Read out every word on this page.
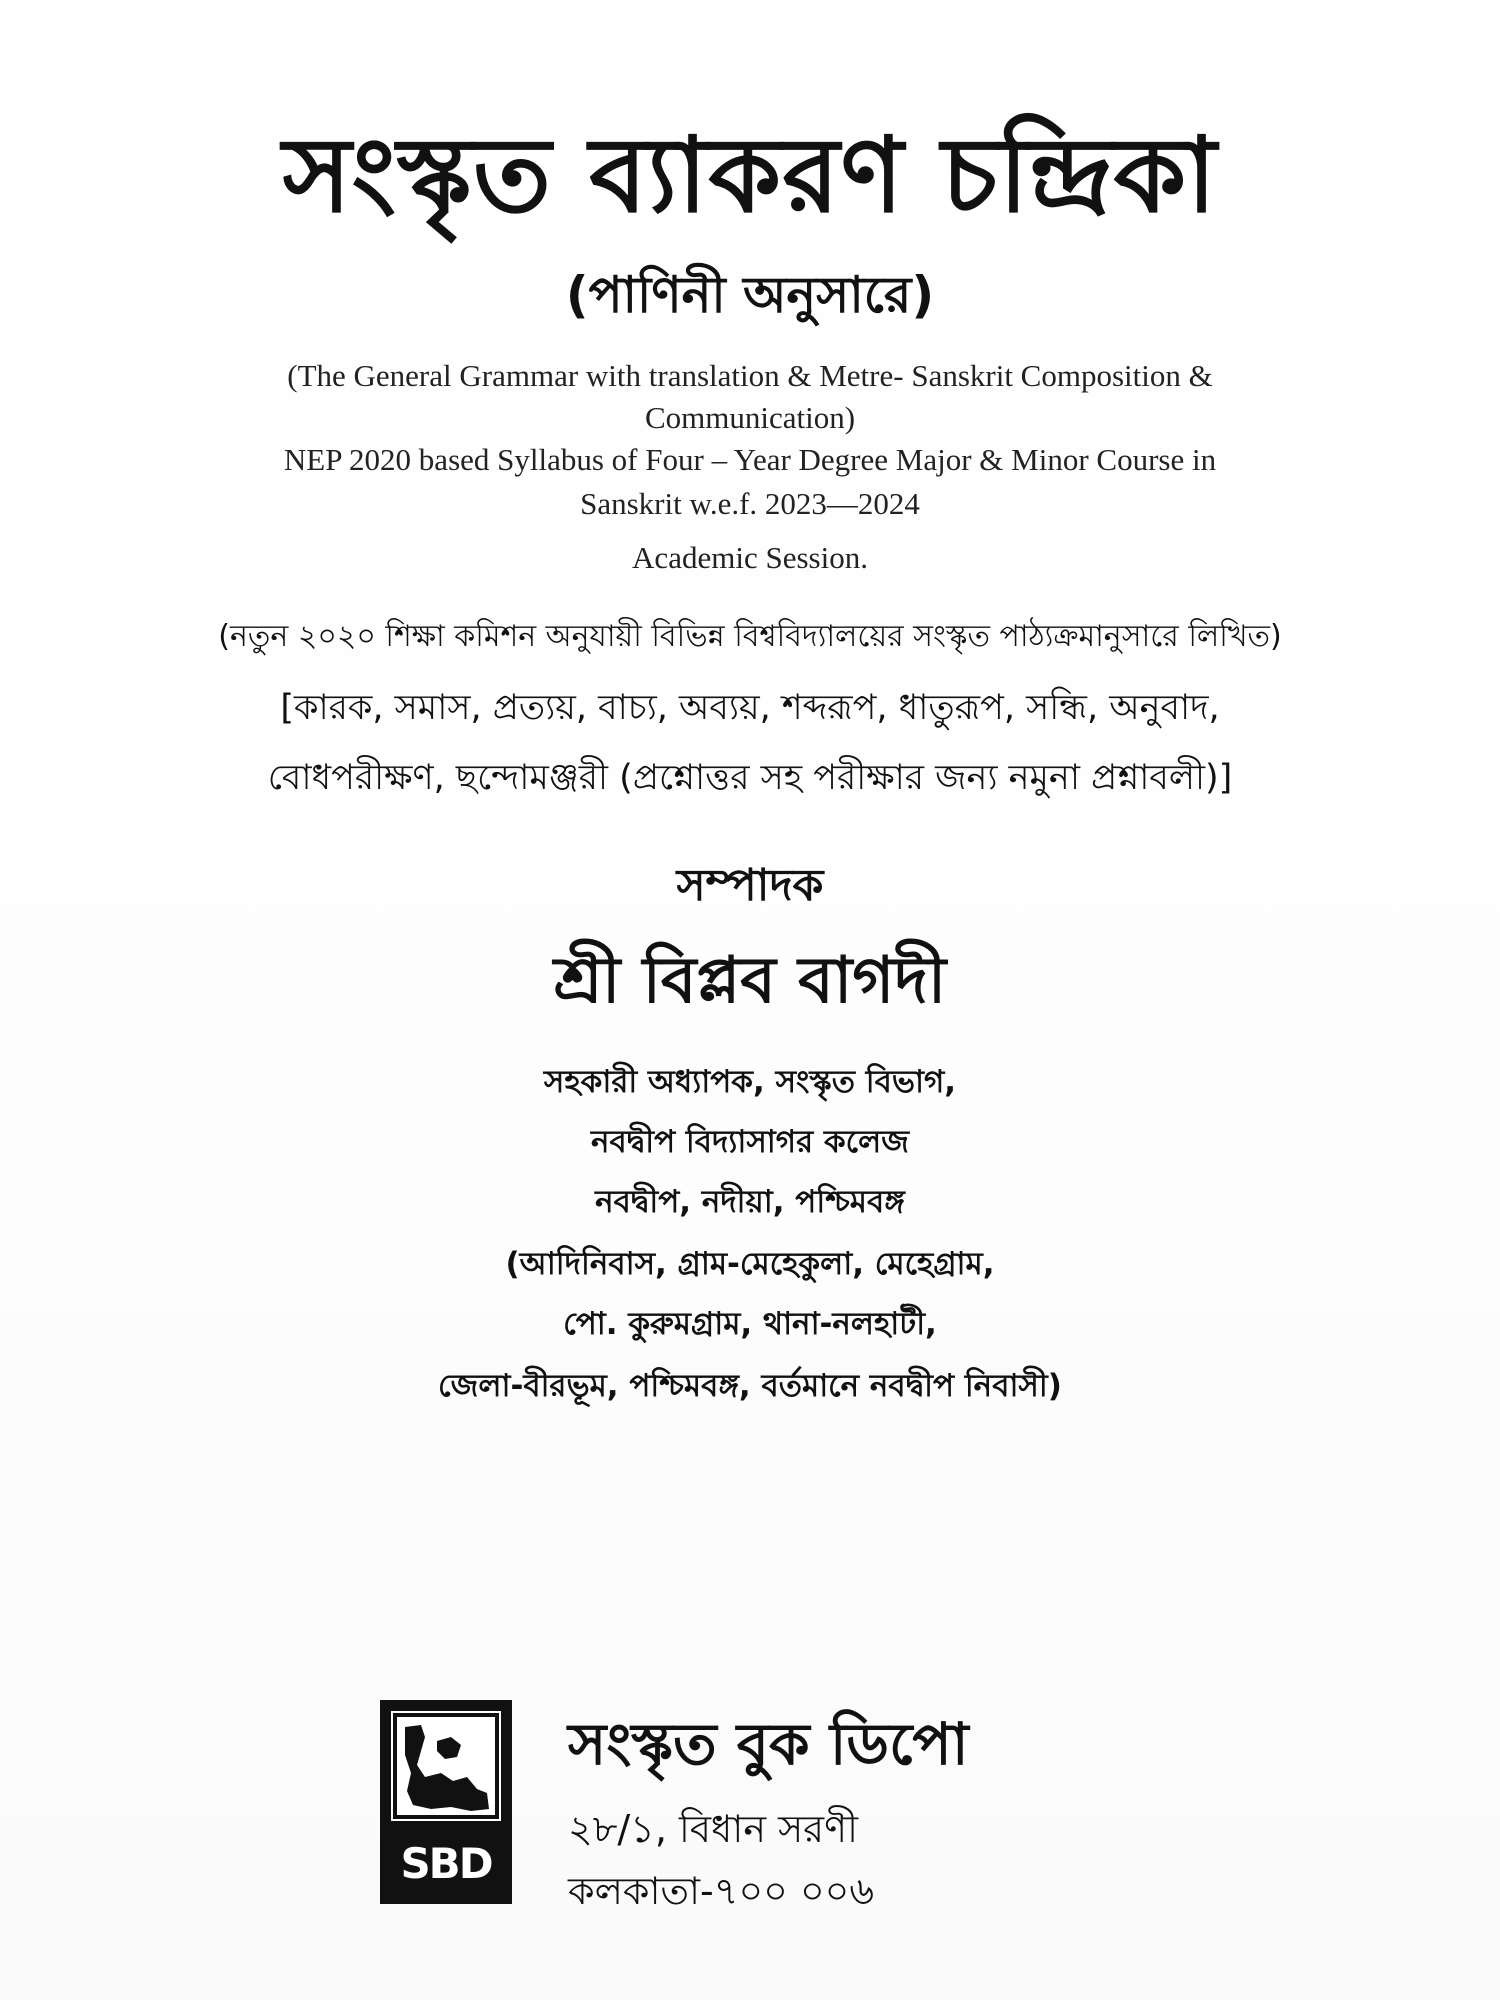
সংস্কৃত ব্যাকরণ চন্দ্রিকা
(পাণিনী অনুসারে)
(The General Grammar with translation & Metre- Sanskrit Composition &
Communication)
NEP 2020 based Syllabus of Four – Year Degree Major & Minor Course in
Sanskrit w.e.f. 2023—2024
Academic Session.
(নতুন ২০২০ শিক্ষা কমিশন অনুযায়ী বিভিন্ন বিশ্ববিদ্যালয়ের সংস্কৃত পাঠ্যক্রমানুসারে লিখিত)
[কারক, সমাস, প্রত্যয়, বাচ্য, অব্যয়, শব্দরূপ, ধাতুরূপ, সন্ধি, অনুবাদ,
বোধপরীক্ষণ, ছন্দোমঞ্জরী (প্রশ্নোত্তর সহ পরীক্ষার জন্য নমুনা প্রশ্নাবলী)]
সম্পাদক
শ্রী বিপ্লব বাগদী
সহকারী অধ্যাপক, সংস্কৃত বিভাগ,
নবদ্বীপ বিদ্যাসাগর কলেজ
নবদ্বীপ, নদীয়া, পশ্চিমবঙ্গ
(আদিনিবাস, গ্রাম-মেহেকুলা, মেহেগ্রাম,
পো. কুরুমগ্রাম, থানা-নলহাটী,
জেলা-বীরভূম, পশ্চিমবঙ্গ, বর্তমানে নবদ্বীপ নিবাসী)
SBD
সংস্কৃত বুক ডিপো
২৮/১, বিধান সরণী
কলকাতা-৭০০ ০০৬
